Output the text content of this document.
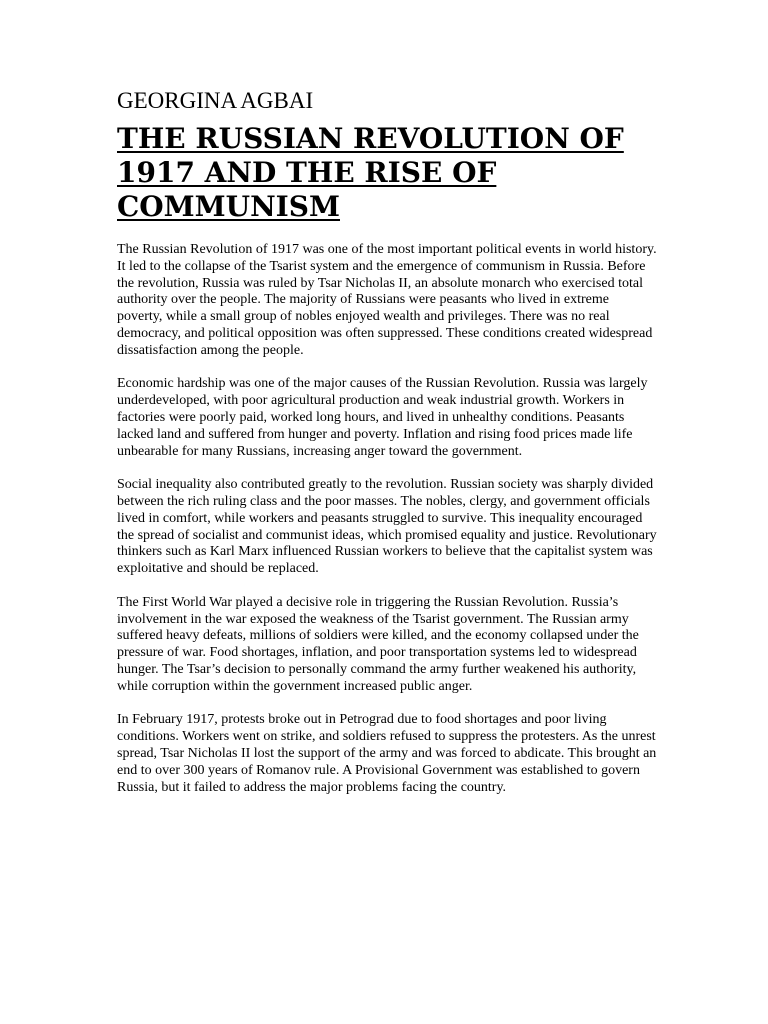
GEORGINA AGBAI
THE RUSSIAN REVOLUTION OF 1917 AND THE RISE OF COMMUNISM

The Russian Revolution of 1917 was one of the most important political events in world history. It led to the collapse of the Tsarist system and the emergence of communism in Russia. Before the revolution, Russia was ruled by Tsar Nicholas II, an absolute monarch who exercised total authority over the people. The majority of Russians were peasants who lived in extreme poverty, while a small group of nobles enjoyed wealth and privileges. There was no real democracy, and political opposition was often suppressed. These conditions created widespread dissatisfaction among the people.

Economic hardship was one of the major causes of the Russian Revolution. Russia was largely underdeveloped, with poor agricultural production and weak industrial growth. Workers in factories were poorly paid, worked long hours, and lived in unhealthy conditions. Peasants lacked land and suffered from hunger and poverty. Inflation and rising food prices made life unbearable for many Russians, increasing anger toward the government.

Social inequality also contributed greatly to the revolution. Russian society was sharply divided between the rich ruling class and the poor masses. The nobles, clergy, and government officials lived in comfort, while workers and peasants struggled to survive. This inequality encouraged the spread of socialist and communist ideas, which promised equality and justice. Revolutionary thinkers such as Karl Marx influenced Russian workers to believe that the capitalist system was exploitative and should be replaced.

The First World War played a decisive role in triggering the Russian Revolution. Russia’s involvement in the war exposed the weakness of the Tsarist government. The Russian army suffered heavy defeats, millions of soldiers were killed, and the economy collapsed under the pressure of war. Food shortages, inflation, and poor transportation systems led to widespread hunger. The Tsar’s decision to personally command the army further weakened his authority, while corruption within the government increased public anger.

In February 1917, protests broke out in Petrograd due to food shortages and poor living conditions. Workers went on strike, and soldiers refused to suppress the protesters. As the unrest spread, Tsar Nicholas II lost the support of the army and was forced to abdicate. This brought an end to over 300 years of Romanov rule. A Provisional Government was established to govern Russia, but it failed to address the major problems facing the country.
